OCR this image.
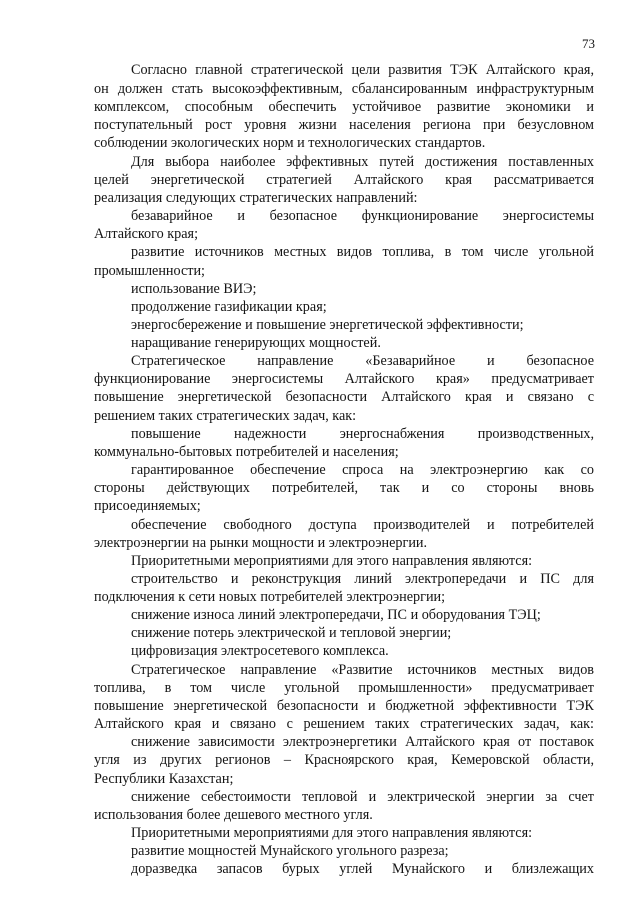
73
Согласно главной стратегической цели развития ТЭК Алтайского края,
он должен стать высокоэффективным, сбалансированным инфраструктурным
комплексом, способным обеспечить устойчивое развитие экономики и
поступательный рост уровня жизни населения региона при безусловном
соблюдении экологических норм и технологических стандартов.
Для выбора наиболее эффективных путей достижения поставленных
целей энергетической стратегией Алтайского края рассматривается
реализация следующих стратегических направлений:
безаварийное и безопасное функционирование энергосистемы
Алтайского края;
развитие источников местных видов топлива, в том числе угольной
промышленности;
использование ВИЭ;
продолжение газификации края;
энергосбережение и повышение энергетической эффективности;
наращивание генерирующих мощностей.
Стратегическое направление «Безаварийное и безопасное
функционирование энергосистемы Алтайского края» предусматривает
повышение энергетической безопасности Алтайского края и связано с
решением таких стратегических задач, как:
повышение надежности энергоснабжения производственных,
коммунально-бытовых потребителей и населения;
гарантированное обеспечение спроса на электроэнергию как со
стороны действующих потребителей, так и со стороны вновь
присоединяемых;
обеспечение свободного доступа производителей и потребителей
электроэнергии на рынки мощности и электроэнергии.
Приоритетными мероприятиями для этого направления являются:
строительство и реконструкция линий электропередачи и ПС для
подключения к сети новых потребителей электроэнергии;
снижение износа линий электропередачи, ПС и оборудования ТЭЦ;
снижение потерь электрической и тепловой энергии;
цифровизация электросетевого комплекса.
Стратегическое направление «Развитие источников местных видов
топлива, в том числе угольной промышленности» предусматривает
повышение энергетической безопасности и бюджетной эффективности ТЭК
Алтайского края и связано с решением таких стратегических задач, как:
снижение зависимости электроэнергетики Алтайского края от поставок
угля из других регионов – Красноярского края, Кемеровской области,
Республики Казахстан;
снижение себестоимости тепловой и электрической энергии за счет
использования более дешевого местного угля.
Приоритетными мероприятиями для этого направления являются:
развитие мощностей Мунайского угольного разреза;
доразведка запасов бурых углей Мунайского и близлежащих
